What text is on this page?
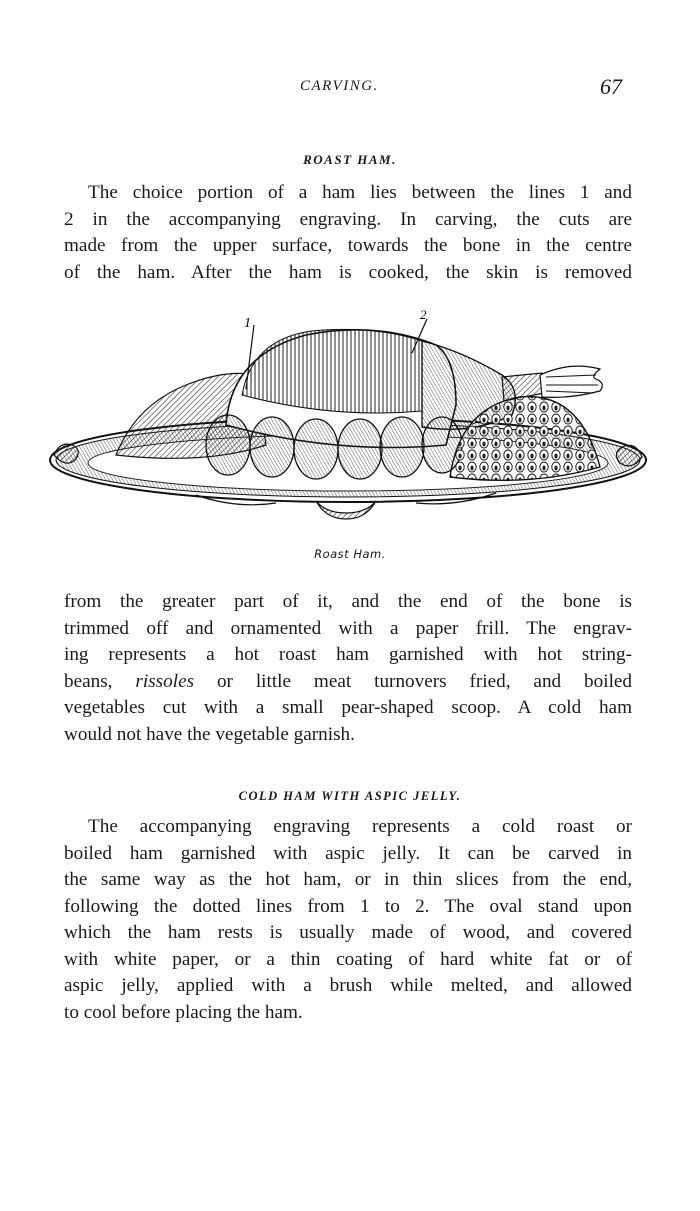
CARVING.	67
ROAST HAM.
The choice portion of a ham lies between the lines 1 and
2 in the accompanying engraving. In carving, the cuts are
made from the upper surface, towards the bone in the centre
of the ham. After the ham is cooked, the skin is removed
1
2
Roast Ham.
from the greater part of it, and the end of the bone is
trimmed off and ornamented with a paper frill. The engrav-
ing represents a hot roast ham garnished with hot string-
beans, rissoles or little meat turnovers fried, and boiled
vegetables cut with a small pear-shaped scoop. A cold ham
would not have the vegetable garnish.
COLD HAM WITH ASPIC JELLY.
The accompanying engraving represents a cold roast or
boiled ham garnished with aspic jelly. It can be carved in
the same way as the hot ham, or in thin slices from the end,
following the dotted lines from 1 to 2. The oval stand upon
which the ham rests is usually made of wood, and covered
with white paper, or a thin coating of hard white fat or of
aspic jelly, applied with a brush while melted, and allowed
to cool before placing the ham.
